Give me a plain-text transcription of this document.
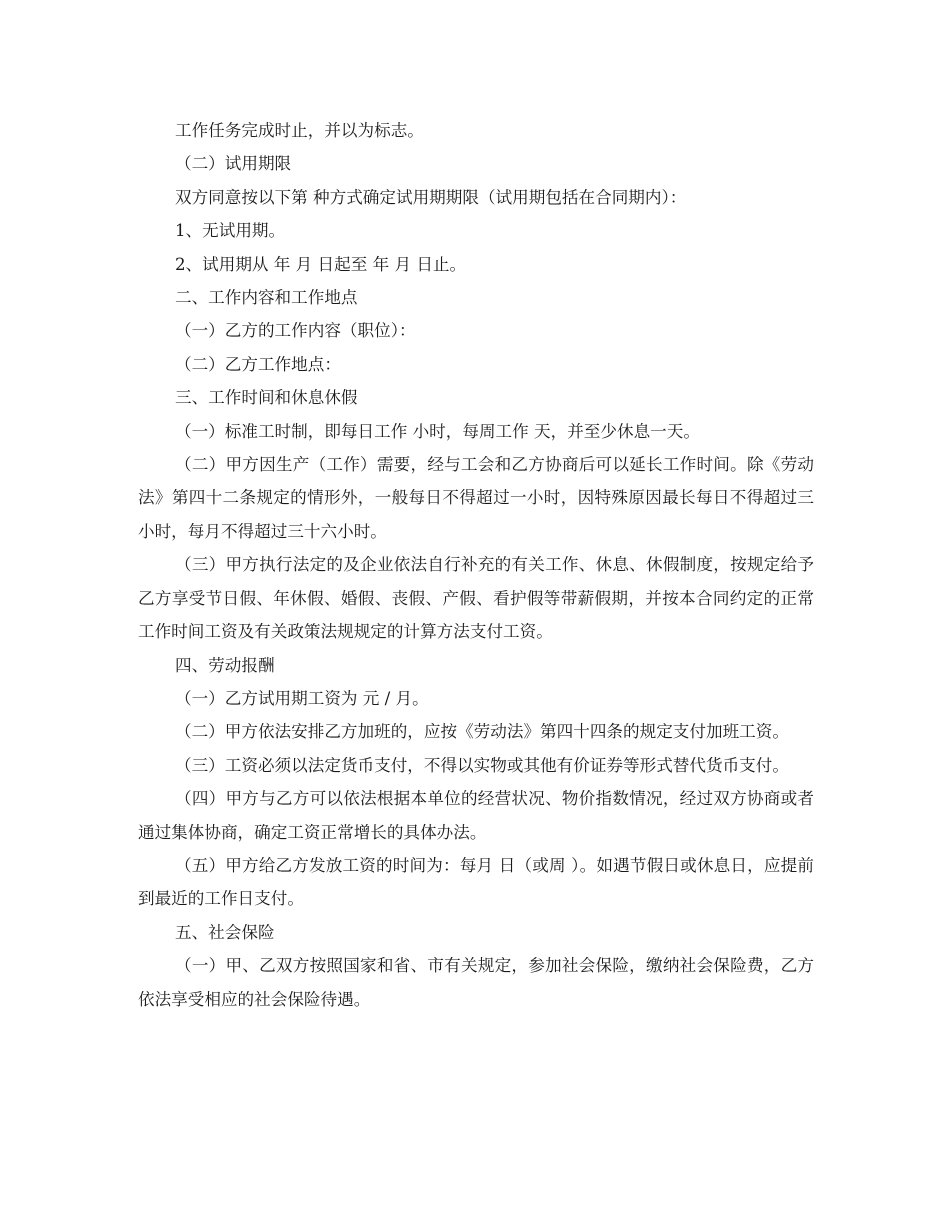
工作任务完成时止，并以为标志。

（二）试用期限

双方同意按以下第 种方式确定试用期期限（试用期包括在合同期内）：

1、无试用期。

2、试用期从 年 月 日起至 年 月 日止。

二、工作内容和工作地点

（一）乙方的工作内容（职位）：

（二）乙方工作地点：

三、工作时间和休息休假

（一）标准工时制，即每日工作 小时，每周工作 天，并至少休息一天。

（二）甲方因生产（工作）需要，经与工会和乙方协商后可以延长工作时间。除《劳动法》第四十二条规定的情形外，一般每日不得超过一小时，因特殊原因最长每日不得超过三小时，每月不得超过三十六小时。

（三）甲方执行法定的及企业依法自行补充的有关工作、休息、休假制度，按规定给予乙方享受节日假、年休假、婚假、丧假、产假、看护假等带薪假期，并按本合同约定的正常工作时间工资及有关政策法规规定的计算方法支付工资。

四、劳动报酬

（一）乙方试用期工资为 元 / 月。

（二）甲方依法安排乙方加班的，应按《劳动法》第四十四条的规定支付加班工资。

（三）工资必须以法定货币支付，不得以实物或其他有价证券等形式替代货币支付。

（四）甲方与乙方可以依法根据本单位的经营状况、物价指数情况，经过双方协商或者通过集体协商，确定工资正常增长的具体办法。

（五）甲方给乙方发放工资的时间为：每月 日（或周 ）。如遇节假日或休息日，应提前到最近的工作日支付。

五、社会保险

（一）甲、乙双方按照国家和省、市有关规定，参加社会保险，缴纳社会保险费，乙方依法享受相应的社会保险待遇。
